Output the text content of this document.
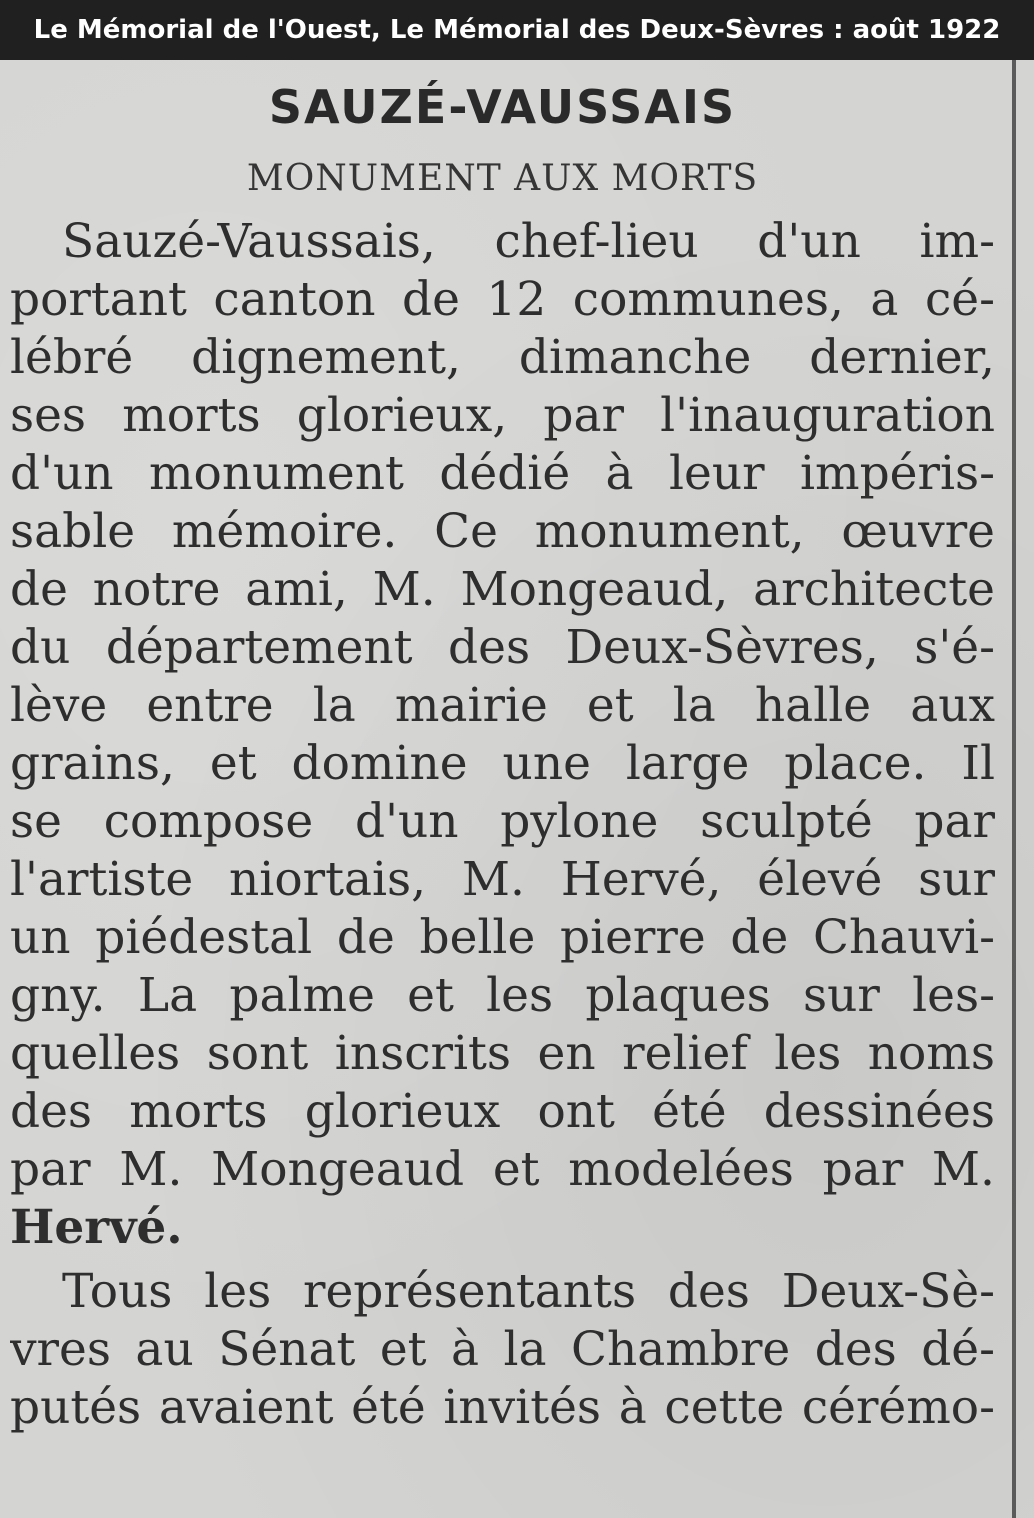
Le Mémorial de l'Ouest, Le Mémorial des Deux-Sèvres : août 1922
SAUZÉ-VAUSSAIS
MONUMENT AUX MORTS
Sauzé-Vaussais, chef-lieu d'un im-
portant canton de 12 communes, a cé-
lébré dignement, dimanche dernier,
ses morts glorieux, par l'inauguration
d'un monument dédié à leur impéris-
sable mémoire. Ce monument, œuvre
de notre ami, M. Mongeaud, architecte
du département des Deux-Sèvres, s'é-
lève entre la mairie et la halle aux
grains, et domine une large place. Il
se compose d'un pylone sculpté par
l'artiste niortais, M. Hervé, élevé sur
un piédestal de belle pierre de Chauvi-
gny. La palme et les plaques sur les-
quelles sont inscrits en relief les noms
des morts glorieux ont été dessinées
par M. Mongeaud et modelées par M.
Hervé.
Tous les représentants des Deux-Sè-
vres au Sénat et à la Chambre des dé-
putés avaient été invités à cette cérémo-
